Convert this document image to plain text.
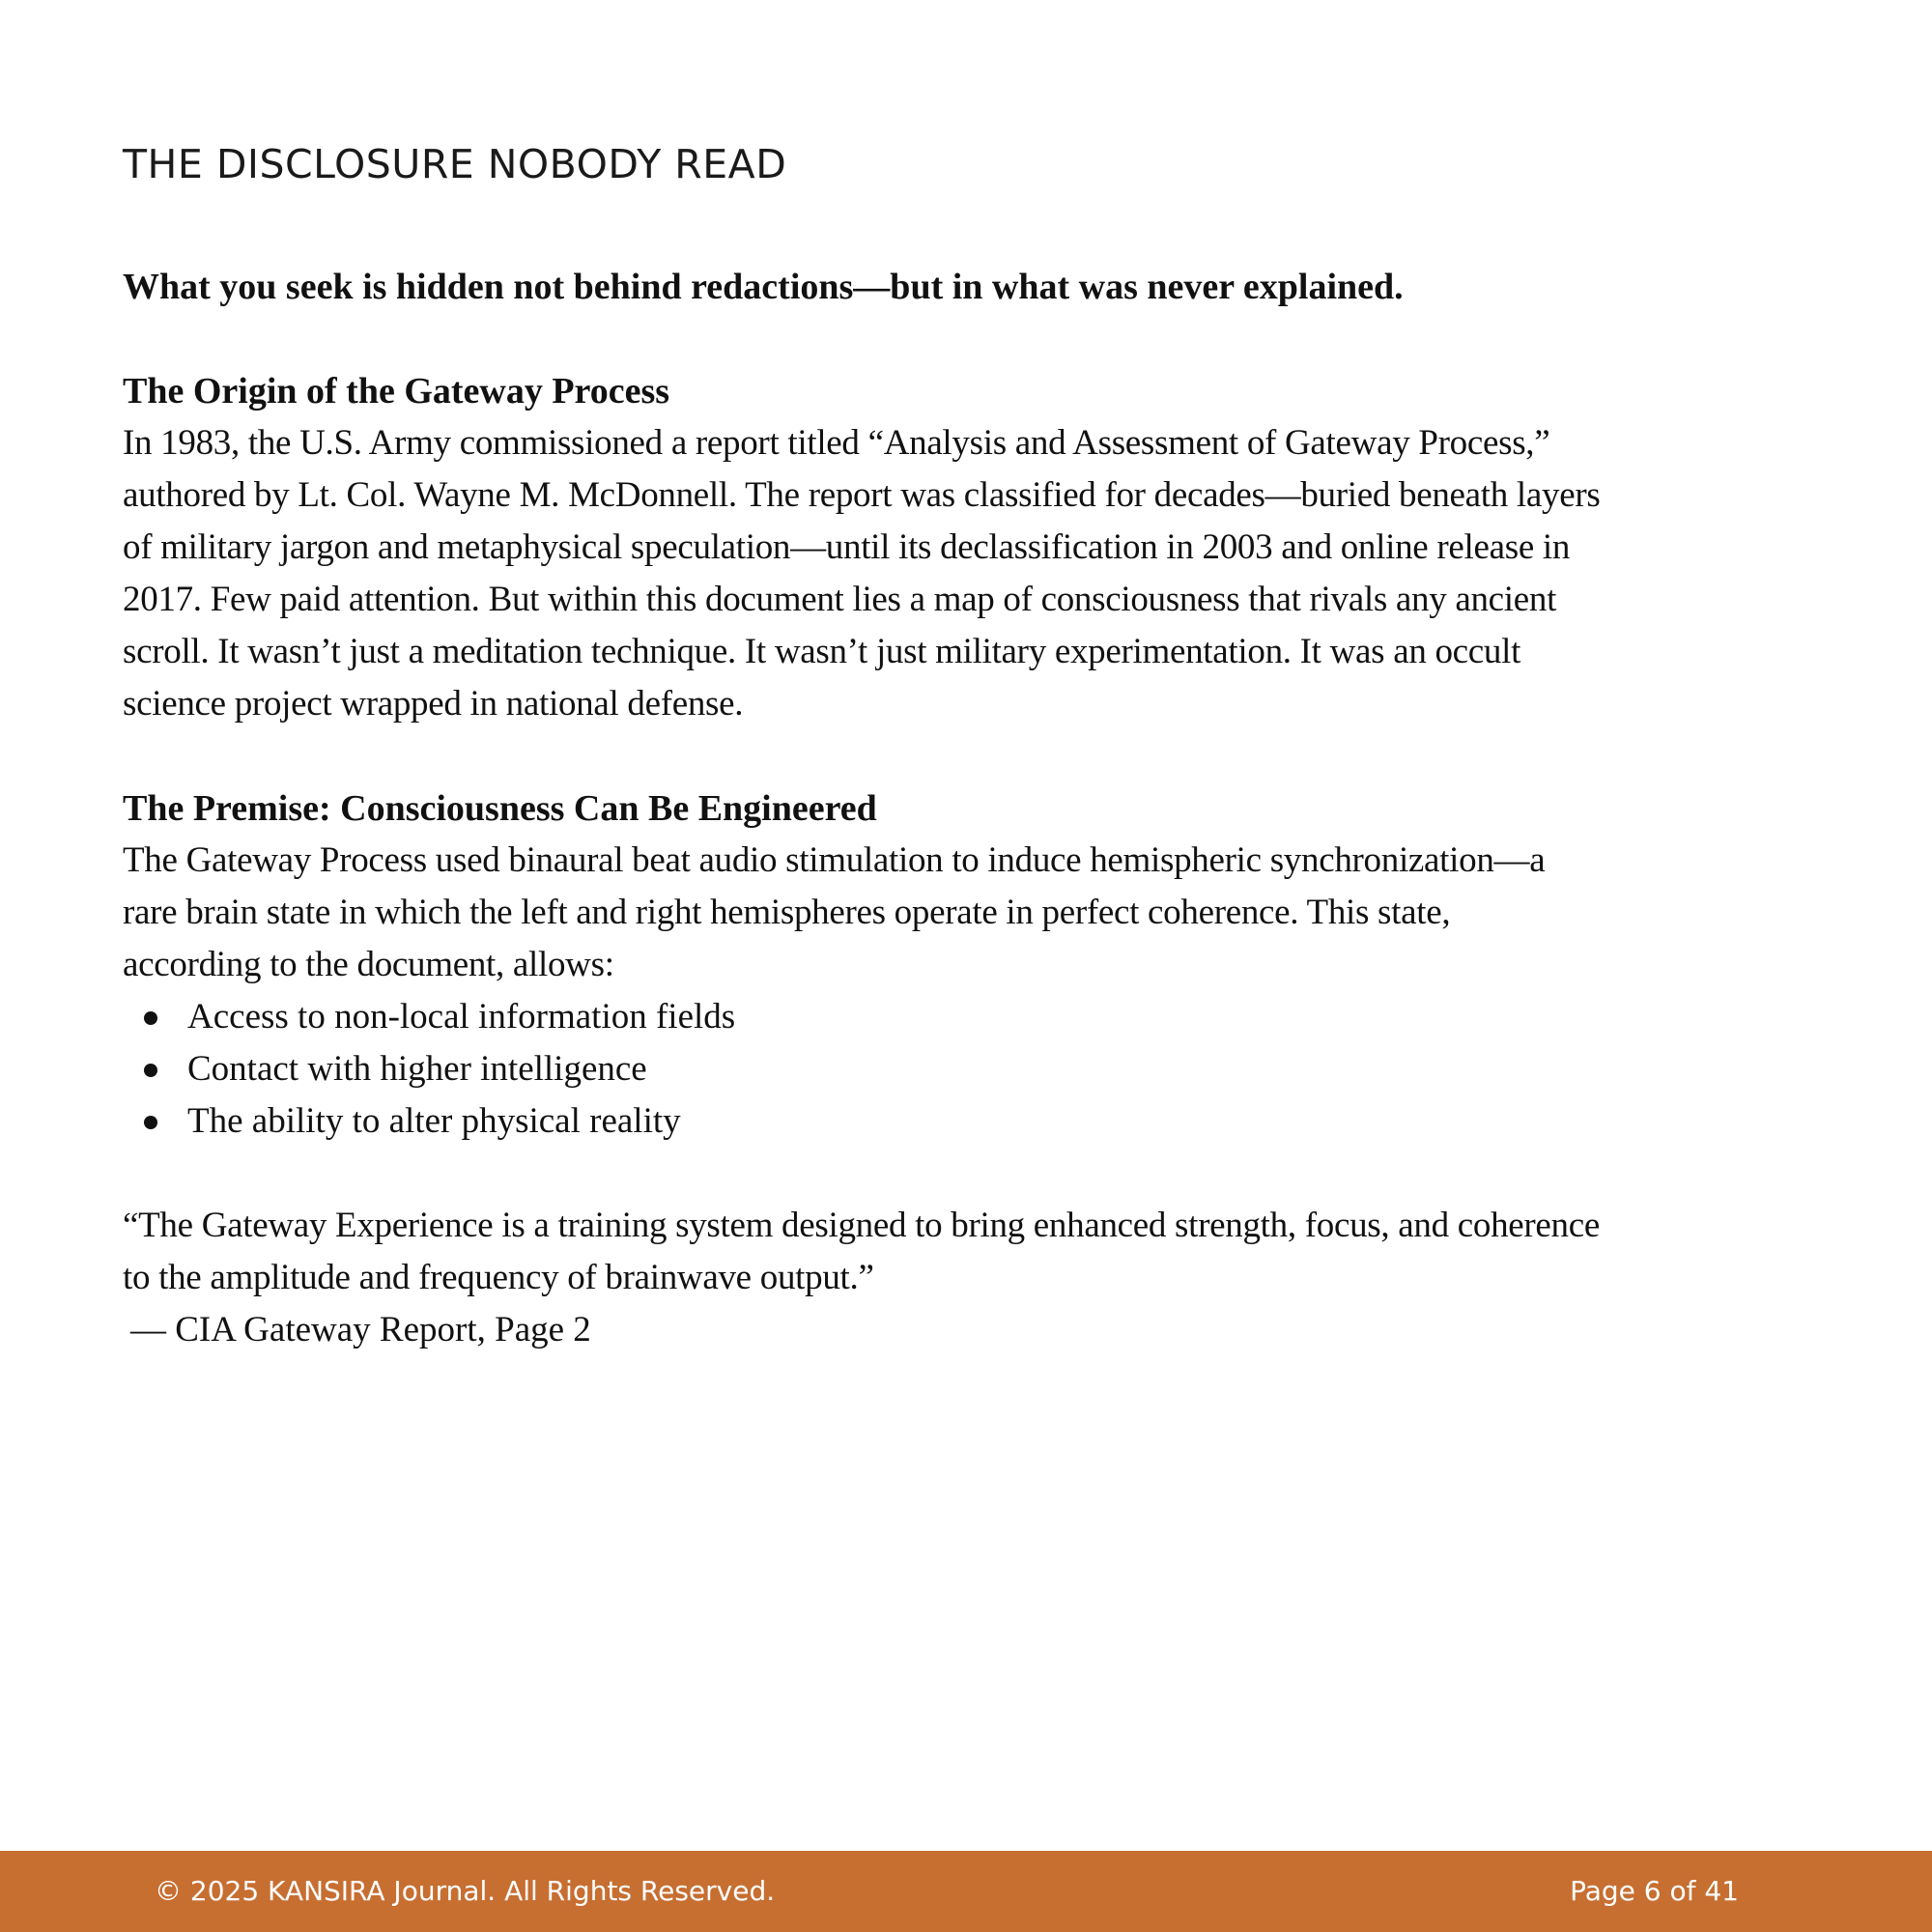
THE DISCLOSURE NOBODY READ

What you seek is hidden not behind redactions—but in what was never explained.

The Origin of the Gateway Process

In 1983, the U.S. Army commissioned a report titled “Analysis and Assessment of Gateway Process,”
authored by Lt. Col. Wayne M. McDonnell. The report was classified for decades—buried beneath layers
of military jargon and metaphysical speculation—until its declassification in 2003 and online release in
2017. Few paid attention. But within this document lies a map of consciousness that rivals any ancient
scroll. It wasn’t just a meditation technique. It wasn’t just military experimentation. It was an occult
science project wrapped in national defense.

The Premise: Consciousness Can Be Engineered

The Gateway Process used binaural beat audio stimulation to induce hemispheric synchronization—a
rare brain state in which the left and right hemispheres operate in perfect coherence. This state,
according to the document, allows:

Access to non-local information fields
Contact with higher intelligence
The ability to alter physical reality

“The Gateway Experience is a training system designed to bring enhanced strength, focus, and coherence
to the amplitude and frequency of brainwave output.”

— CIA Gateway Report, Page 2

© 2025 KANSIRA Journal. All Rights Reserved.	Page 6 of 41
